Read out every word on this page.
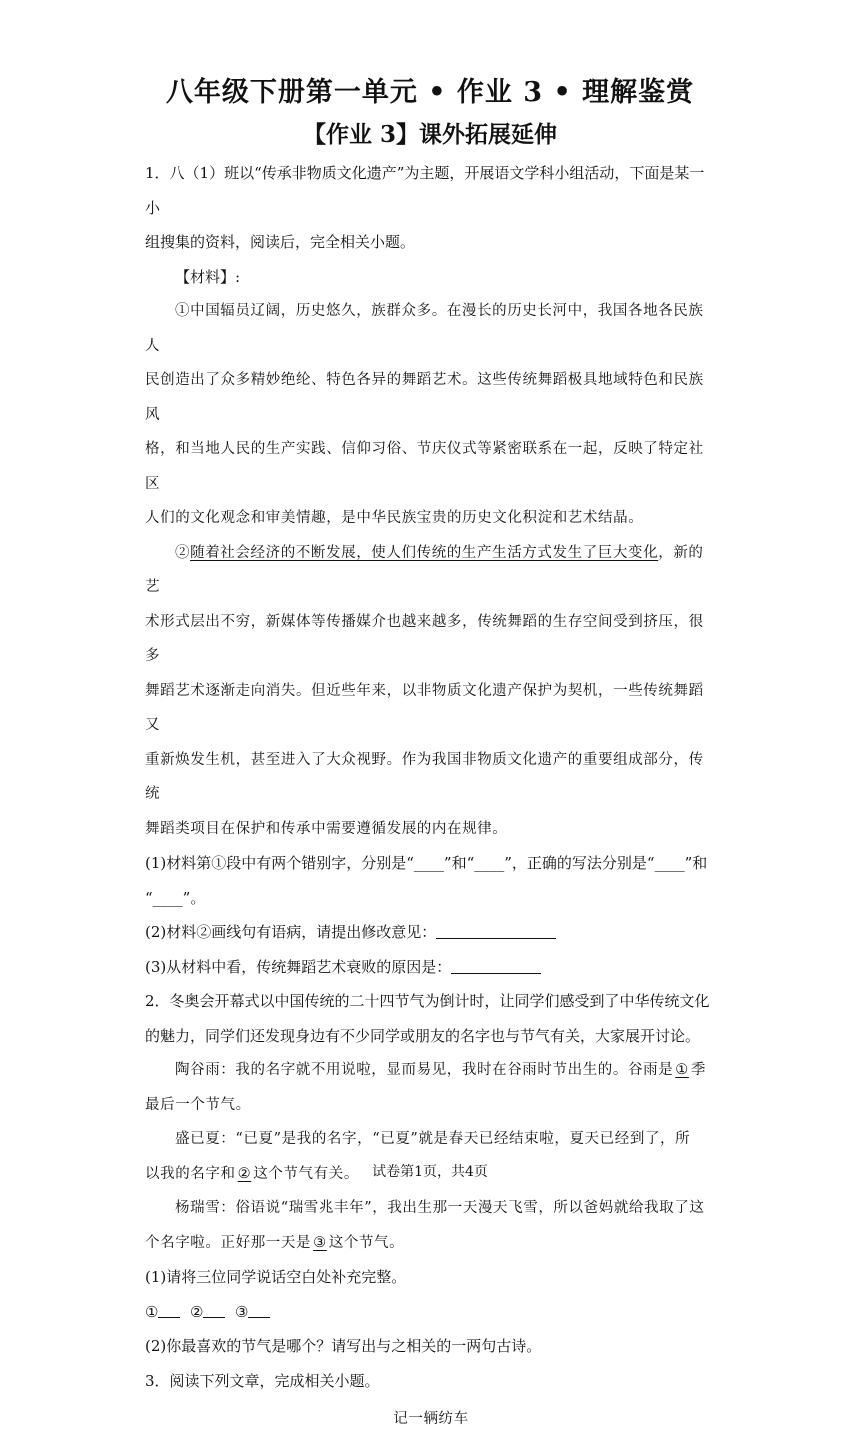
八年级下册第一单元 • 作业 3 • 理解鉴赏
【作业 3】课外拓展延伸

1．八（1）班以“传承非物质文化遗产”为主题，开展语文学科小组活动，下面是某一小

组搜集的资料，阅读后，完全相关小题。

【材料】:

①中国辐员辽阔，历史悠久，族群众多。在漫长的历史长河中，我国各地各民族人

民创造出了众多精妙绝纶、特色各异的舞蹈艺术。这些传统舞蹈极具地域特色和民族风

格，和当地人民的生产实践、信仰习俗、节庆仪式等紧密联系在一起，反映了特定社区

人们的文化观念和审美情趣，是中华民族宝贵的历史文化积淀和艺术结晶。

②随着社会经济的不断发展，使人们传统的生产生活方式发生了巨大变化，新的艺

术形式层出不穷，新媒体等传播媒介也越来越多，传统舞蹈的生存空间受到挤压，很多

舞蹈艺术逐渐走向消失。但近些年来，以非物质文化遗产保护为契机，一些传统舞蹈又

重新焕发生机，甚至进入了大众视野。作为我国非物质文化遗产的重要组成部分，传统

舞蹈类项目在保护和传承中需要遵循发展的内在规律。

(1)材料第①段中有两个错别字，分别是“____”和“____”，正确的写法分别是“____”和

“____”。

(2)材料②画线句有语病，请提出修改意见：

(3)从材料中看，传统舞蹈艺术衰败的原因是：

2．冬奥会开幕式以中国传统的二十四节气为倒计时，让同学们感受到了中华传统文化

的魅力，同学们还发现身边有不少同学或朋友的名字也与节气有关，大家展开讨论。

陶谷雨：我的名字就不用说啦，显而易见，我时在谷雨时节出生的。谷雨是 ① 季

最后一个节气。

盛已夏：“已夏”是我的名字，“已夏”就是春天已经结束啦，夏天已经到了，所

以我的名字和 ② 这个节气有关。

杨瑞雪：俗语说“瑞雪兆丰年”，我出生那一天漫天飞雪，所以爸妈就给我取了这

个名字啦。正好那一天是 ③ 这个节气。

(1)请将三位同学说话空白处补充完整。

① ② ③

(2)你最喜欢的节气是哪个？请写出与之相关的一两句古诗。

3．阅读下列文章，完成相关小题。

记一辆纺车

试卷第1页，共4页
